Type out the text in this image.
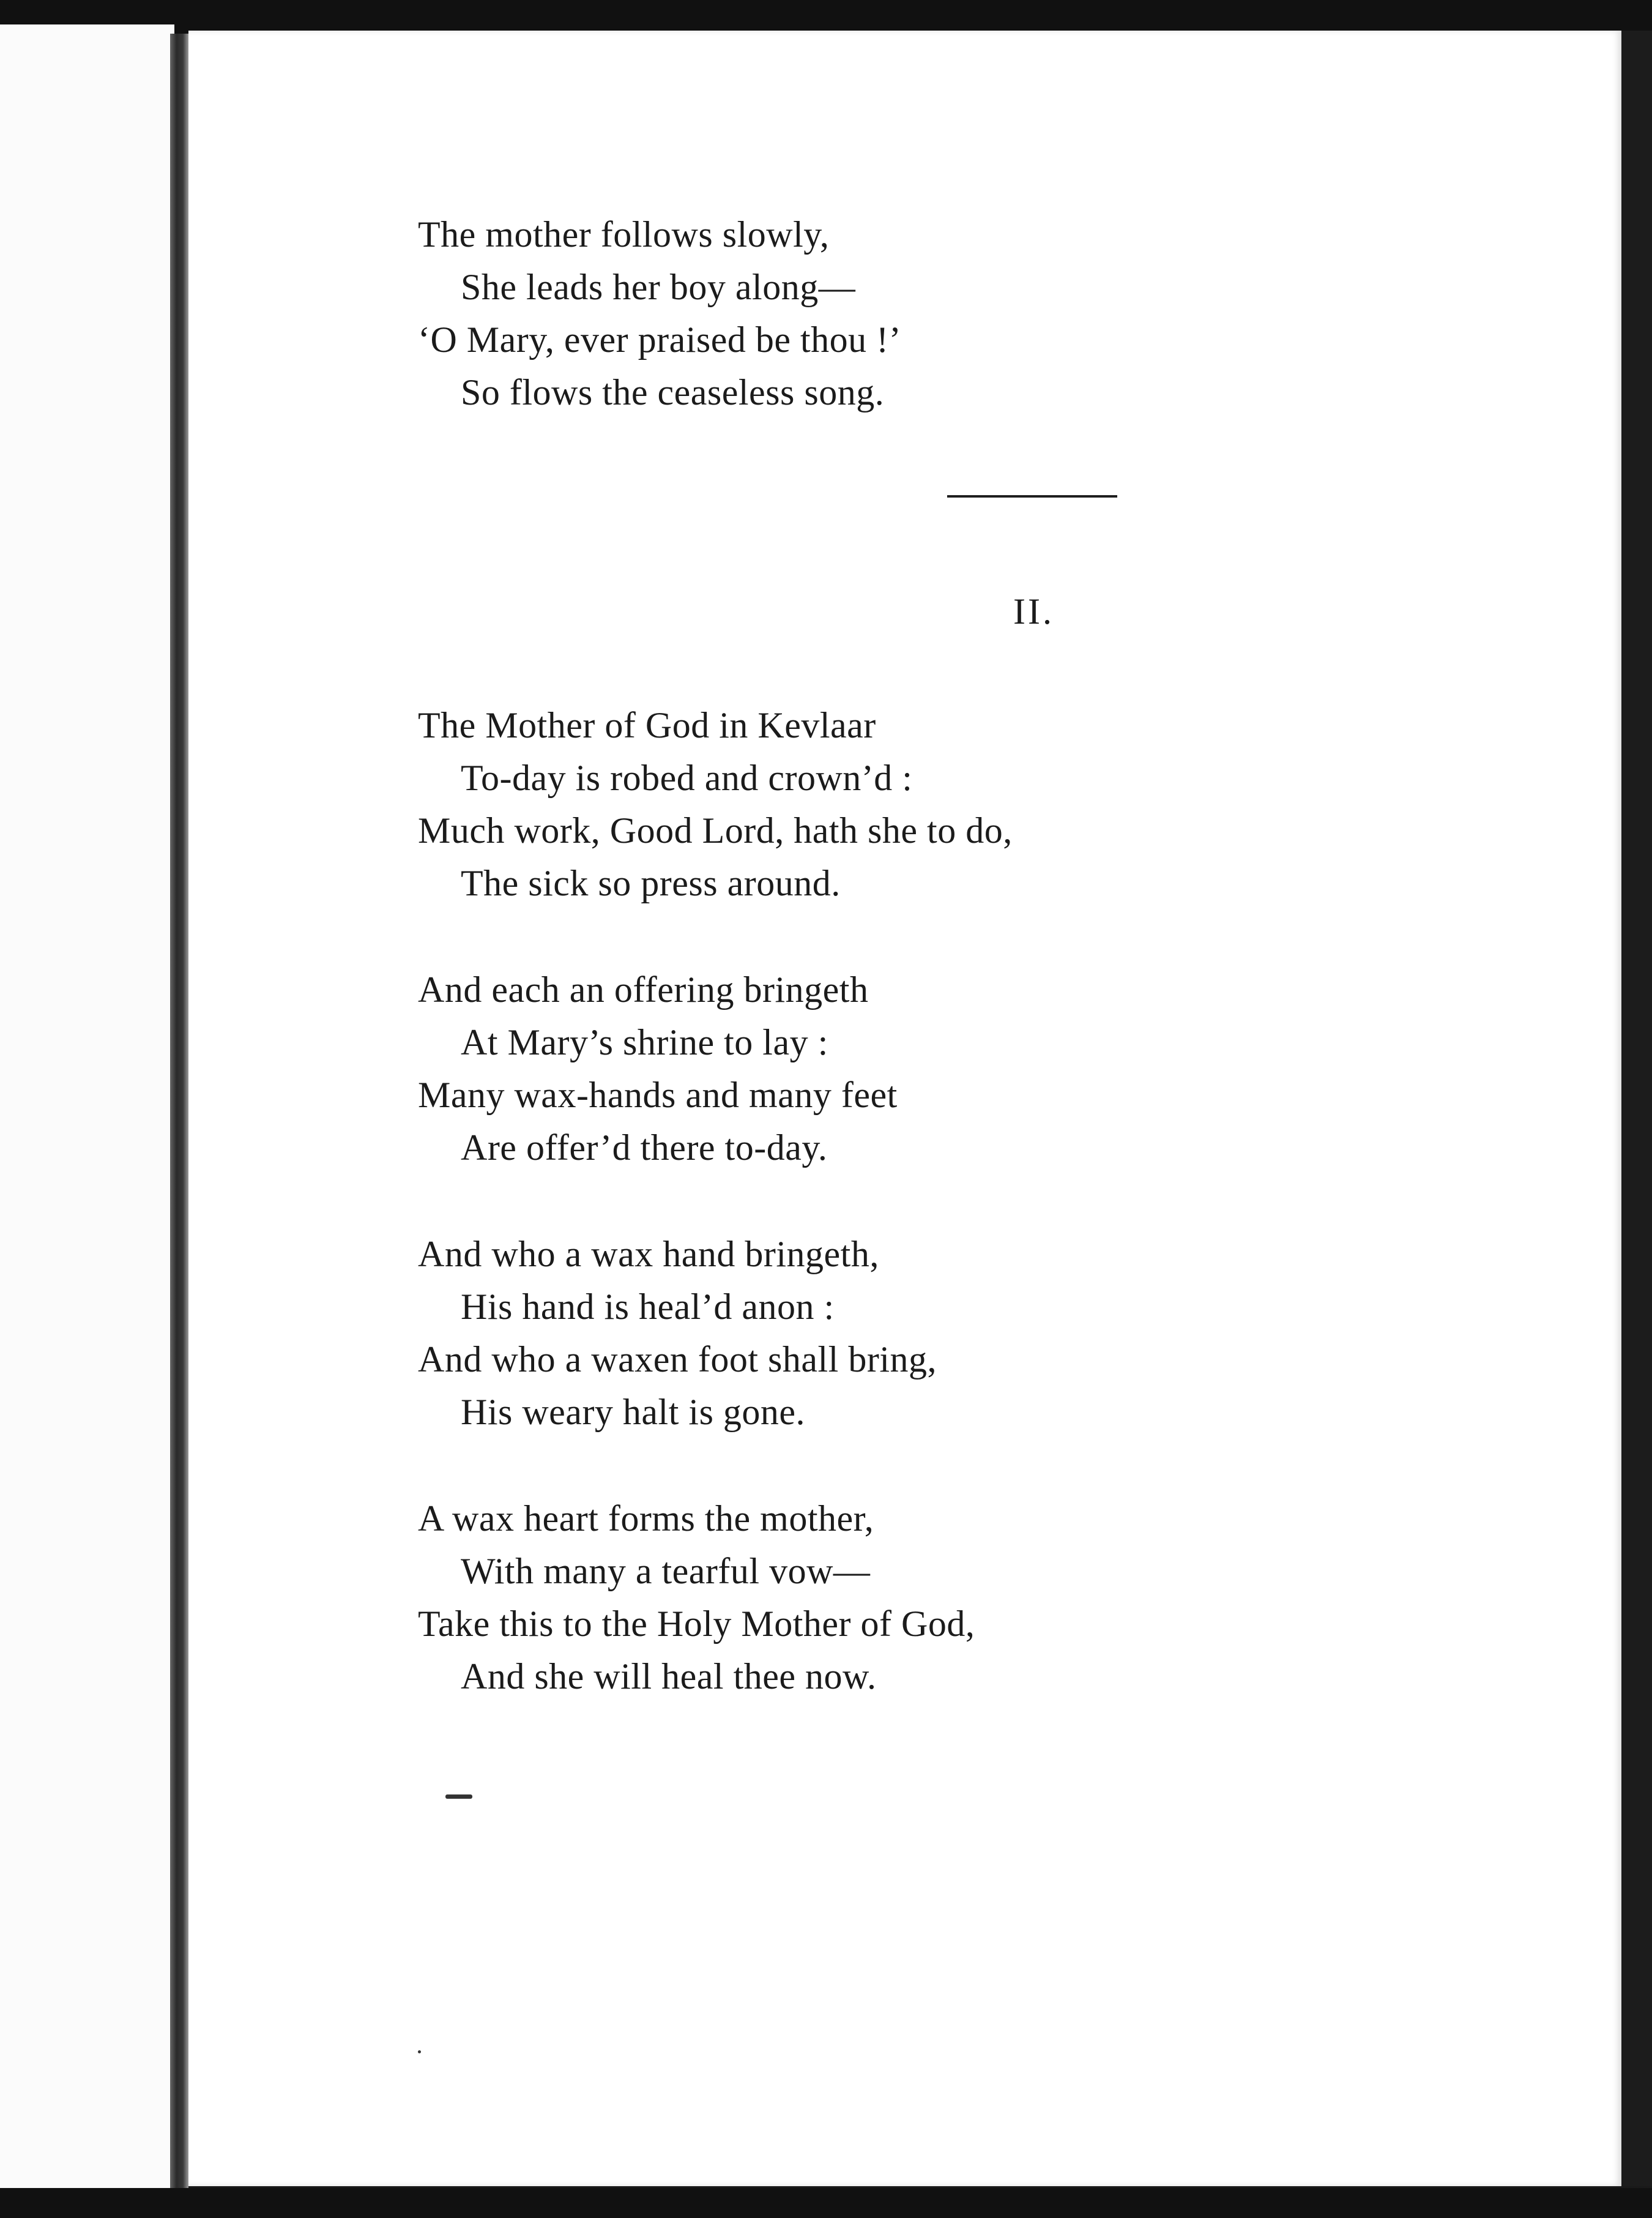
The mother follows slowly,
She leads her boy along—
‘O Mary, ever praised be thou !’
So flows the ceaseless song.
II.
The Mother of God in Kevlaar
To-day is robed and crown’d :
Much work, Good Lord, hath she to do,
The sick so press around.
And each an offering bringeth
At Mary’s shrine to lay :
Many wax-hands and many feet
Are offer’d there to-day.
And who a wax hand bringeth,
His hand is heal’d anon :
And who a waxen foot shall bring,
His weary halt is gone.
A wax heart forms the mother,
With many a tearful vow—
Take this to the Holy Mother of God,
And she will heal thee now.
